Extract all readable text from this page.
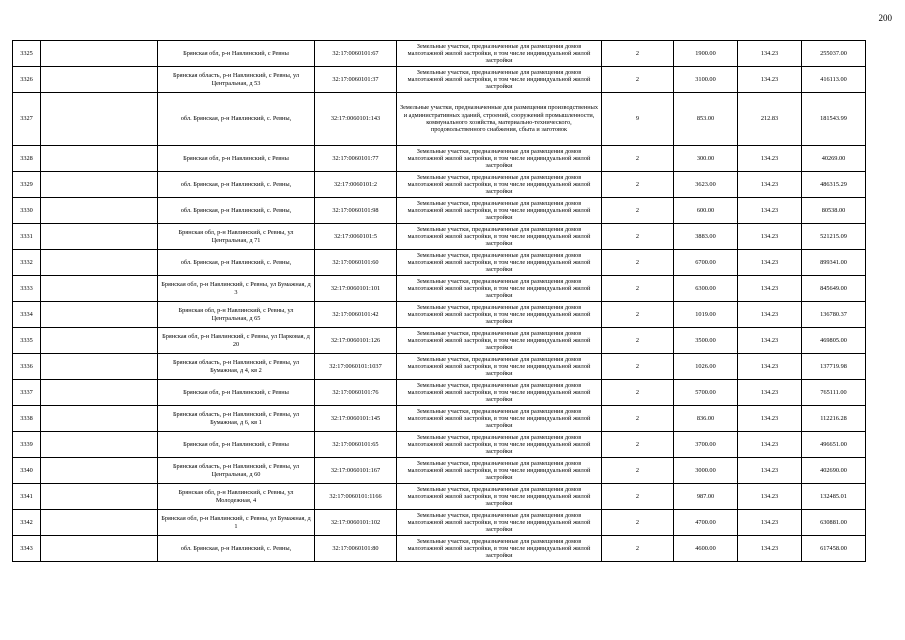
200
3325		Брянская обл, р-н Навлинский, с Ревны	32:17:0060101:67	Земельные участки, предназначенные для размещения домов малоэтажной жилой застройки, в том числе индивидуальной жилой застройки	2	1900.00	134.23	255037.00
3326		Брянская область, р-н Навлинский, с Ревны, ул Центральная, д 53	32:17:0060101:37	Земельные участки, предназначенные для размещения домов малоэтажной жилой застройки, в том числе индивидуальной жилой застройки	2	3100.00	134.23	416113.00
3327		обл. Брянская, р-н Навлинский, с. Ревны,	32:17:0060101:143	Земельные участки, предназначенные для размещения производственных и административных зданий, строений, сооружений промышленности, коммунального хозяйства, материально-технического, продовольственного снабжения, сбыта и заготовок	9	853.00	212.83	181543.99
3328		Брянская обл, р-н Навлинский, с Ревны	32:17:0060101:77	Земельные участки, предназначенные для размещения домов малоэтажной жилой застройки, в том числе индивидуальной жилой застройки	2	300.00	134.23	40269.00
3329		обл. Брянская, р-н Навлинский, с. Ревны,	32:17:0060101:2	Земельные участки, предназначенные для размещения домов малоэтажной жилой застройки, в том числе индивидуальной жилой застройки	2	3623.00	134.23	486315.29
3330		обл. Брянская, р-н Навлинский, с. Ревны,	32:17:0060101:98	Земельные участки, предназначенные для размещения домов малоэтажной жилой застройки, в том числе индивидуальной жилой застройки	2	600.00	134.23	80538.00
3331		Брянская обл, р-н Навлинский, с Ревны, ул Центральная, д 71	32:17:0060101:5	Земельные участки, предназначенные для размещения домов малоэтажной жилой застройки, в том числе индивидуальной жилой застройки	2	3883.00	134.23	521215.09
3332		обл. Брянская, р-н Навлинский, с. Ревны,	32:17:0060101:60	Земельные участки, предназначенные для размещения домов малоэтажной жилой застройки, в том числе индивидуальной жилой застройки	2	6700.00	134.23	899341.00
3333		Брянская обл, р-н Навлинский, с Ревны, ул Бумажная, д 3	32:17:0060101:101	Земельные участки, предназначенные для размещения домов малоэтажной жилой застройки, в том числе индивидуальной жилой застройки	2	6300.00	134.23	845649.00
3334		Брянская обл, р-н Навлинский, с Ревны, ул Центральная, д 65	32:17:0060101:42	Земельные участки, предназначенные для размещения домов малоэтажной жилой застройки, в том числе индивидуальной жилой застройки	2	1019.00	134.23	136780.37
3335		Брянская обл, р-н Навлинский, с Ревны, ул Парковая, д 20	32:17:0060101:126	Земельные участки, предназначенные для размещения домов малоэтажной жилой застройки, в том числе индивидуальной жилой застройки	2	3500.00	134.23	469805.00
3336		Брянская область, р-н Навлинский, с Ревны, ул Бумажная, д 4, кв 2	32:17:0060101:1037	Земельные участки, предназначенные для размещения домов малоэтажной жилой застройки, в том числе индивидуальной жилой застройки	2	1026.00	134.23	137719.98
3337		Брянская обл, р-н Навлинский, с Ревны	32:17:0060101:76	Земельные участки, предназначенные для размещения домов малоэтажной жилой застройки, в том числе индивидуальной жилой застройки	2	5700.00	134.23	765111.00
3338		Брянская область, р-н Навлинский, с Ревны, ул Бумажная, д 6, кв 1	32:17:0060101:145	Земельные участки, предназначенные для размещения домов малоэтажной жилой застройки, в том числе индивидуальной жилой застройки	2	836.00	134.23	112216.28
3339		Брянская обл, р-н Навлинский, с Ревны	32:17:0060101:65	Земельные участки, предназначенные для размещения домов малоэтажной жилой застройки, в том числе индивидуальной жилой застройки	2	3700.00	134.23	496651.00
3340		Брянская область, р-н Навлинский, с Ревны, ул Центральная, д 60	32:17:0060101:167	Земельные участки, предназначенные для размещения домов малоэтажной жилой застройки, в том числе индивидуальной жилой застройки	2	3000.00	134.23	402690.00
3341		Брянская обл, р-н Навлинский, с Ревны, ул Молодежная, 4	32:17:0060101:1166	Земельные участки, предназначенные для размещения домов малоэтажной жилой застройки, в том числе индивидуальной жилой застройки	2	987.00	134.23	132485.01
3342		Брянская обл, р-н Навлинский, с Ревны, ул Бумажная, д 1	32:17:0060101:102	Земельные участки, предназначенные для размещения домов малоэтажной жилой застройки, в том числе индивидуальной жилой застройки	2	4700.00	134.23	630881.00
3343		обл. Брянская, р-н Навлинский, с. Ревны,	32:17:0060101:80	Земельные участки, предназначенные для размещения домов малоэтажной жилой застройки, в том числе индивидуальной жилой застройки	2	4600.00	134.23	617458.00
